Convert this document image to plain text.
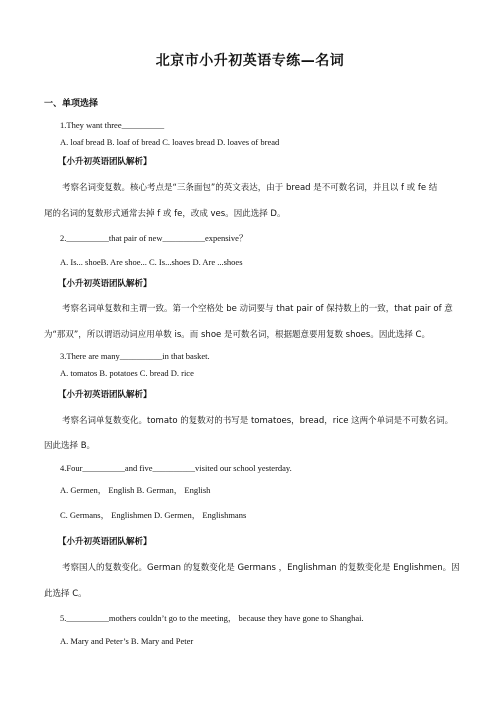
北京市小升初英语专练—名词
一、单项选择
1.They want three__________
A. loaf bread B. loaf of bread C. loaves bread D. loaves of bread
【小升初英语团队解析】
考察名词变复数。核心考点是“三条面包”的英文表达，由于 bread 是不可数名词，并且以 f 或 fe 结
尾的名词的复数形式通常去掉 f 或 fe，改成 ves。因此选择 D。
2.__________that pair of new__________expensive？
A. Is... shoeB. Are shoe... C. Is...shoes D. Are ...shoes
【小升初英语团队解析】
考察名词单复数和主谓一致。第一个空格处 be 动词要与 that pair of 保持数上的一致，that pair of 意
为“那双”，所以谓语动词应用单数 is。而 shoe 是可数名词，根据题意要用复数 shoes。因此选择 C。
3.There are many__________in that basket.
A. tomatos B. potatoes C. bread D. rice
【小升初英语团队解析】
考察名词单复数变化。tomato 的复数对的书写是 tomatoes，bread，rice 这两个单词是不可数名词。
因此选择 B。
4.Four__________and five__________visited our school yesterday.
A. Germen， English B. German， English
C. Germans， Englishmen D. Germen， Englishmans
【小升初英语团队解析】
考察国人的复数变化。German 的复数变化是 Germans ，Englishman 的复数变化是 Englishmen。因
此选择 C。
5.__________mothers couldn’t go to the meeting， because they have gone to Shanghai.
A. Mary and Peter’s B. Mary and Peter
